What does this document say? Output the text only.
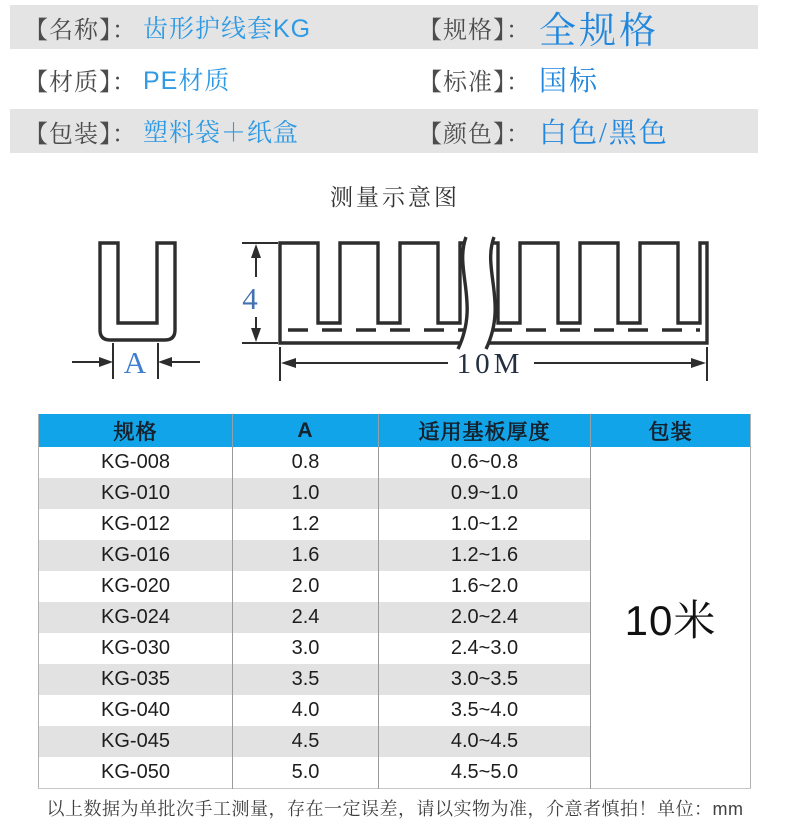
【名称】： 齿形护线套KG	【规格】： 全规格
【材质】： PE材质	【标准】： 国标
【包装】： 塑料袋＋纸盒	【颜色】： 白色/黑色
测量示意图
A
4
10M
规格	A	适用基板厚度	包装
KG-008	0.8	0.6~0.8	10米
KG-010	1.0	0.9~1.0	
KG-012	1.2	1.0~1.2	
KG-016	1.6	1.2~1.6	
KG-020	2.0	1.6~2.0	
KG-024	2.4	2.0~2.4	
KG-030	3.0	2.4~3.0	
KG-035	3.5	3.0~3.5	
KG-040	4.0	3.5~4.0	
KG-045	4.5	4.0~4.5	
KG-050	5.0	4.5~5.0	
以上数据为单批次手工测量，存在一定误差，请以实物为准，介意者慎拍！单位：mm
